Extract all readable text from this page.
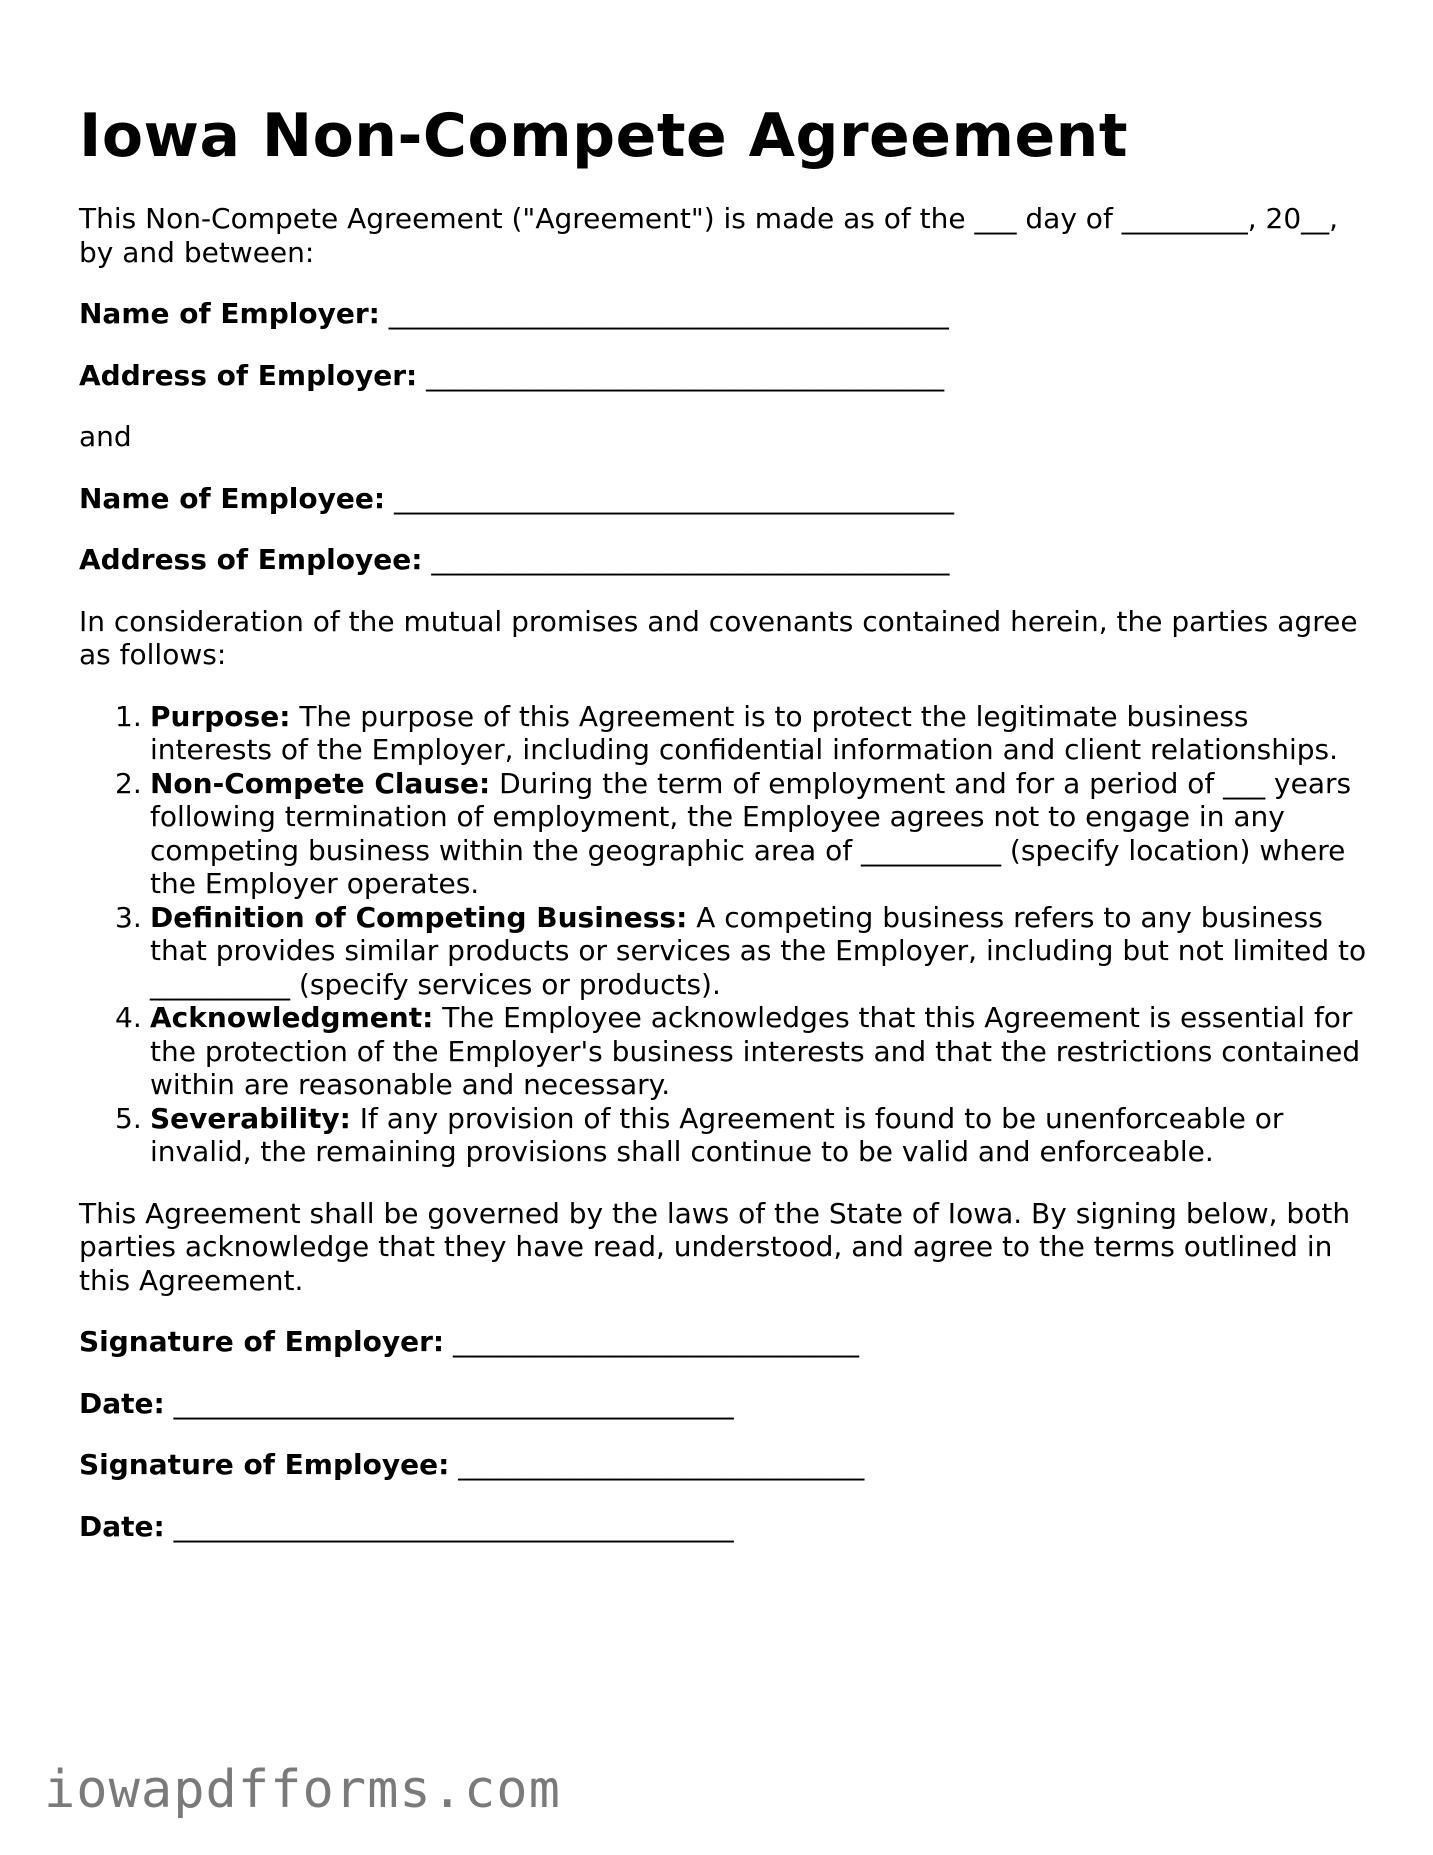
Iowa Non-Compete Agreement

This Non-Compete Agreement ("Agreement") is made as of the ___ day of _________, 20__, by and between:

Name of Employer: ________________________________________
Address of Employer: _____________________________________

and

Name of Employee: ________________________________________
Address of Employee: _____________________________________

In consideration of the mutual promises and covenants contained herein, the parties agree as follows:

1. Purpose: The purpose of this Agreement is to protect the legitimate business interests of the Employer, including confidential information and client relationships.
2. Non-Compete Clause: During the term of employment and for a period of ___ years following termination of employment, the Employee agrees not to engage in any competing business within the geographic area of __________ (specify location) where the Employer operates.
3. Definition of Competing Business: A competing business refers to any business that provides similar products or services as the Employer, including but not limited to __________ (specify services or products).
4. Acknowledgment: The Employee acknowledges that this Agreement is essential for the protection of the Employer's business interests and that the restrictions contained within are reasonable and necessary.
5. Severability: If any provision of this Agreement is found to be unenforceable or invalid, the remaining provisions shall continue to be valid and enforceable.

This Agreement shall be governed by the laws of the State of Iowa. By signing below, both parties acknowledge that they have read, understood, and agree to the terms outlined in this Agreement.

Signature of Employer: _____________________________
Date: ________________________________________
Signature of Employee: _____________________________
Date: ________________________________________
iowapdfforms.com
